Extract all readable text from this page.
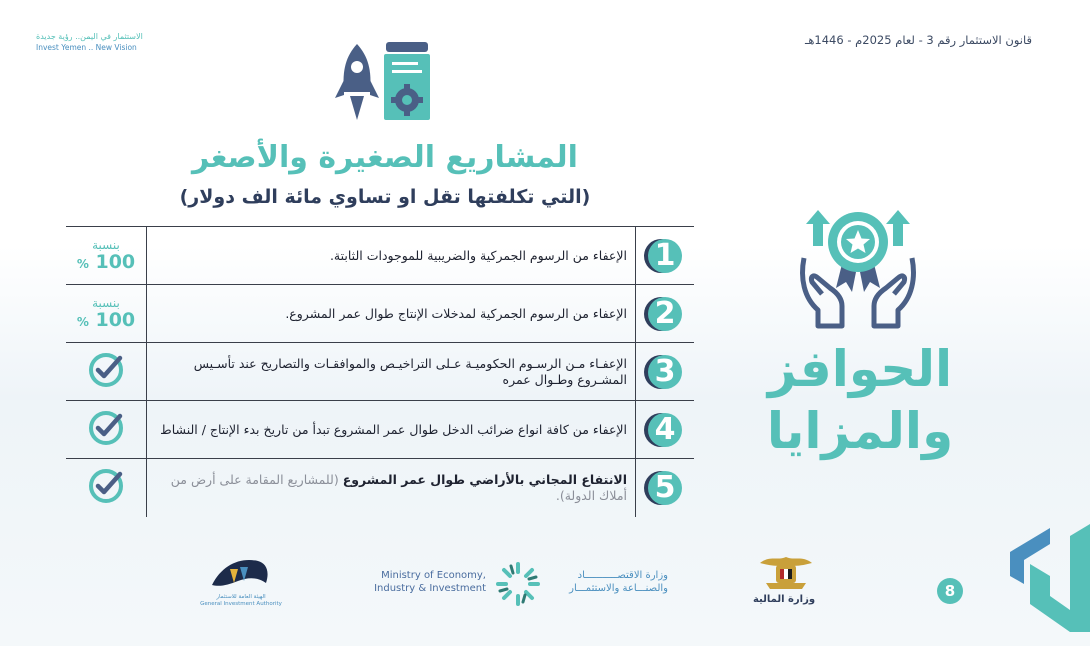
قانون الاستثمار رقم 3 - لعام 2025م - 1446هـ
الاستثمار في اليمن.. رؤية جديدة
Invest Yemen .. New Vision
المشاريع الصغيرة والأصغر
(التي تكلفتها تقل او تساوي مائة الف دولار)
بنسبة
% 100	الإعفاء من الرسوم الجمركية والضريبية للموجودات الثابتة.	1

بنسبة
% 100	الإعفاء من الرسوم الجمركية لمدخلات الإنتاج طوال عمر المشروع.	2
	الإعفـاء مـن الرسـوم الحكوميـة عـلى التراخيـص والموافقـات والتصاريح عند تأسـيس المشـروع وطـوال عمره	3
	الإعفاء من كافة انواع ضرائب الدخل طوال عمر المشروع تبدأ من تاريخ بدء الإنتاج / النشاط	4
	الانتفاع المجاني بالأراضي طوال عمر المشروع (للمشاريع المقامة على أرض من أملاك الدولة).	5
الحوافز
والمزايا
الهيئة العامة للاستثمار
General Investment Authority
Ministry of Economy,
Industry & Investment
وزارة الاقتصـــــــــــاد
والصنـــاعة والاستثمـــار
وزارة المالية	8
